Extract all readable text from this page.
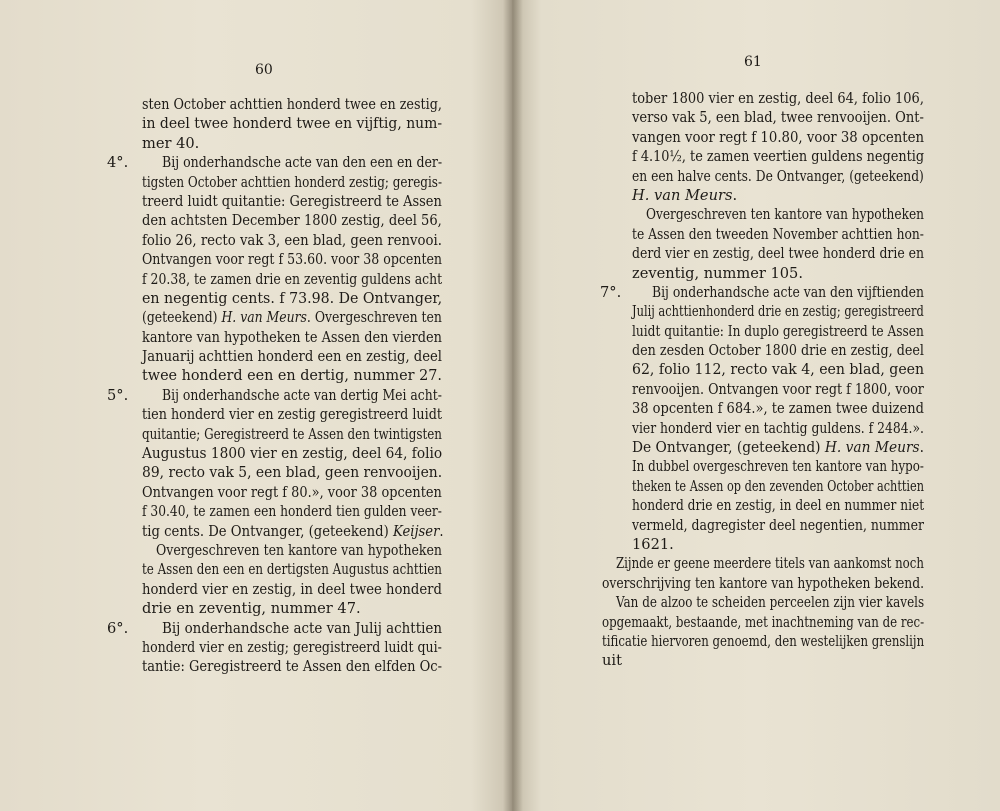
60
sten October achttien honderd twee en zestig,
in deel twee honderd twee en vijftig, num-
mer 40.
4°. Bij onderhandsche acte van den een en der-
tigsten October achttien honderd zestig; geregis-
treerd luidt quitantie: Geregistreerd te Assen
den achtsten December 1800 zestig, deel 56,
folio 26, recto vak 3, een blad, geen renvooi.
Ontvangen voor regt f 53.60. voor 38 opcenten
f 20.38, te zamen drie en zeventig guldens acht
en negentig cents. f 73.98. De Ontvanger,
(geteekend) H. van Meurs. Overgeschreven ten
kantore van hypotheken te Assen den vierden
Januarij achttien honderd een en zestig, deel
twee honderd een en dertig, nummer 27.
5°. Bij onderhandsche acte van dertig Mei acht-
tien honderd vier en zestig geregistreerd luidt
quitantie; Geregistreerd te Assen den twintigsten
Augustus 1800 vier en zestig, deel 64, folio
89, recto vak 5, een blad, geen renvooijen.
Ontvangen voor regt f 80.», voor 38 opcenten
f 30.40, te zamen een honderd tien gulden veer-
tig cents. De Ontvanger, (geteekend) Keijser.
Overgeschreven ten kantore van hypotheken
te Assen den een en dertigsten Augustus achttien
honderd vier en zestig, in deel twee honderd
drie en zeventig, nummer 47.
6°. Bij onderhandsche acte van Julij achttien
honderd vier en zestig; geregistreerd luidt qui-
tantie: Geregistreerd te Assen den elfden Oc-
61
tober 1800 vier en zestig, deel 64, folio 106,
verso vak 5, een blad, twee renvooijen. Ont-
vangen voor regt f 10.80, voor 38 opcenten
f 4.10½, te zamen veertien guldens negentig
en een halve cents. De Ontvanger, (geteekend)
H. van Meurs.
Overgeschreven ten kantore van hypotheken
te Assen den tweeden November achttien hon-
derd vier en zestig, deel twee honderd drie en
zeventig, nummer 105.
7°. Bij onderhandsche acte van den vijftienden
Julij achttienhonderd drie en zestig; geregistreerd
luidt quitantie: In duplo geregistreerd te Assen
den zesden October 1800 drie en zestig, deel
62, folio 112, recto vak 4, een blad, geen
renvooijen. Ontvangen voor regt f 1800, voor
38 opcenten f 684.», te zamen twee duizend
vier honderd vier en tachtig guldens. f 2484.».
De Ontvanger, (geteekend) H. van Meurs.
In dubbel overgeschreven ten kantore van hypo-
theken te Assen op den zevenden October achttien
honderd drie en zestig, in deel en nummer niet
vermeld, dagregister deel negentien, nummer
1621.
Zijnde er geene meerdere titels van aankomst noch
overschrijving ten kantore van hypotheken bekend.
Van de alzoo te scheiden perceelen zijn vier kavels
opgemaakt, bestaande, met inachtneming van de rec-
tificatie hiervoren genoemd, den westelijken grenslijn
uit
